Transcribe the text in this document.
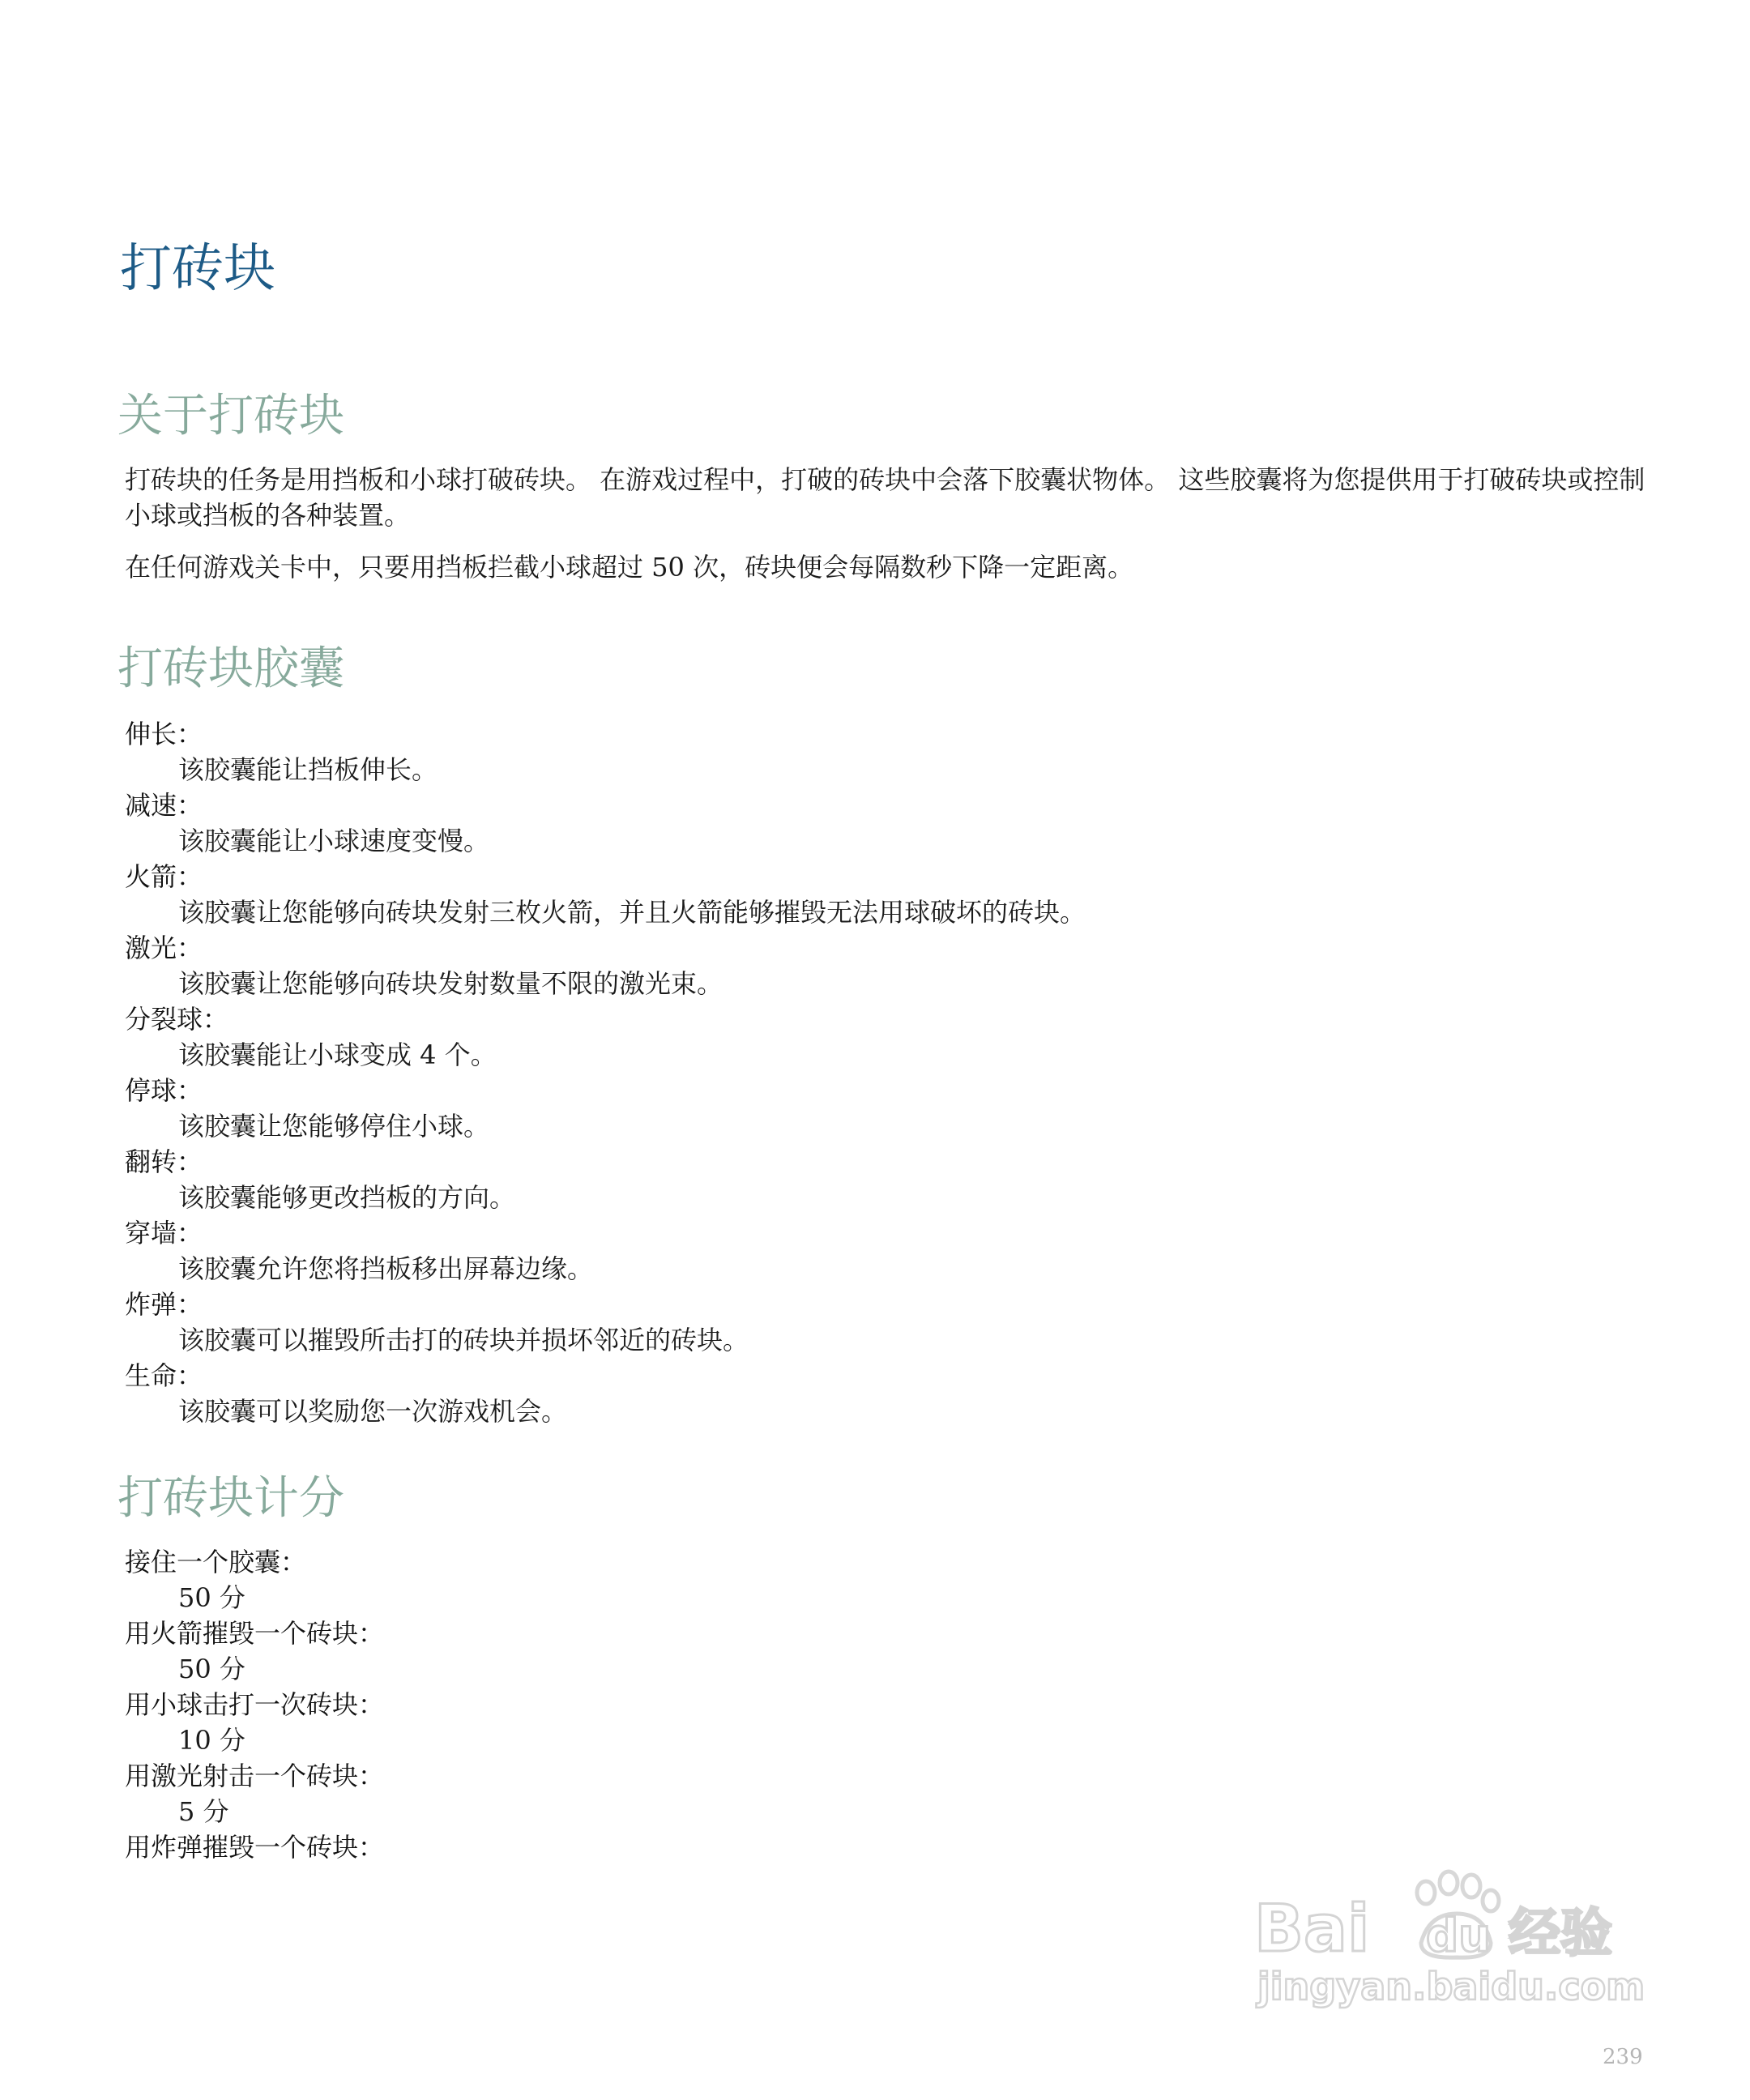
打砖块
关于打砖块

打砖块的任务是用挡板和小球打破砖块。 在游戏过程中，打破的砖块中会落下胶囊状物体。 这些胶囊将为您提供用于打破砖块或控制小球或挡板的各种装置。

在任何游戏关卡中，只要用挡板拦截小球超过 50 次，砖块便会每隔数秒下降一定距离。

打砖块胶囊
伸长：
该胶囊能让挡板伸长。
减速：
该胶囊能让小球速度变慢。
火箭：
该胶囊让您能够向砖块发射三枚火箭，并且火箭能够摧毁无法用球破坏的砖块。
激光：
该胶囊让您能够向砖块发射数量不限的激光束。
分裂球：
该胶囊能让小球变成 4 个。
停球：
该胶囊让您能够停住小球。
翻转：
该胶囊能够更改挡板的方向。
穿墙：
该胶囊允许您将挡板移出屏幕边缘。
炸弹：
该胶囊可以摧毁所击打的砖块并损坏邻近的砖块。
生命：
该胶囊可以奖励您一次游戏机会。
打砖块计分
接住一个胶囊：
50 分
用火箭摧毁一个砖块：
50 分
用小球击打一次砖块：
10 分
用激光射击一个砖块：
5 分
用炸弹摧毁一个砖块：
Bai du 经验
jingyan.baidu.com
239
